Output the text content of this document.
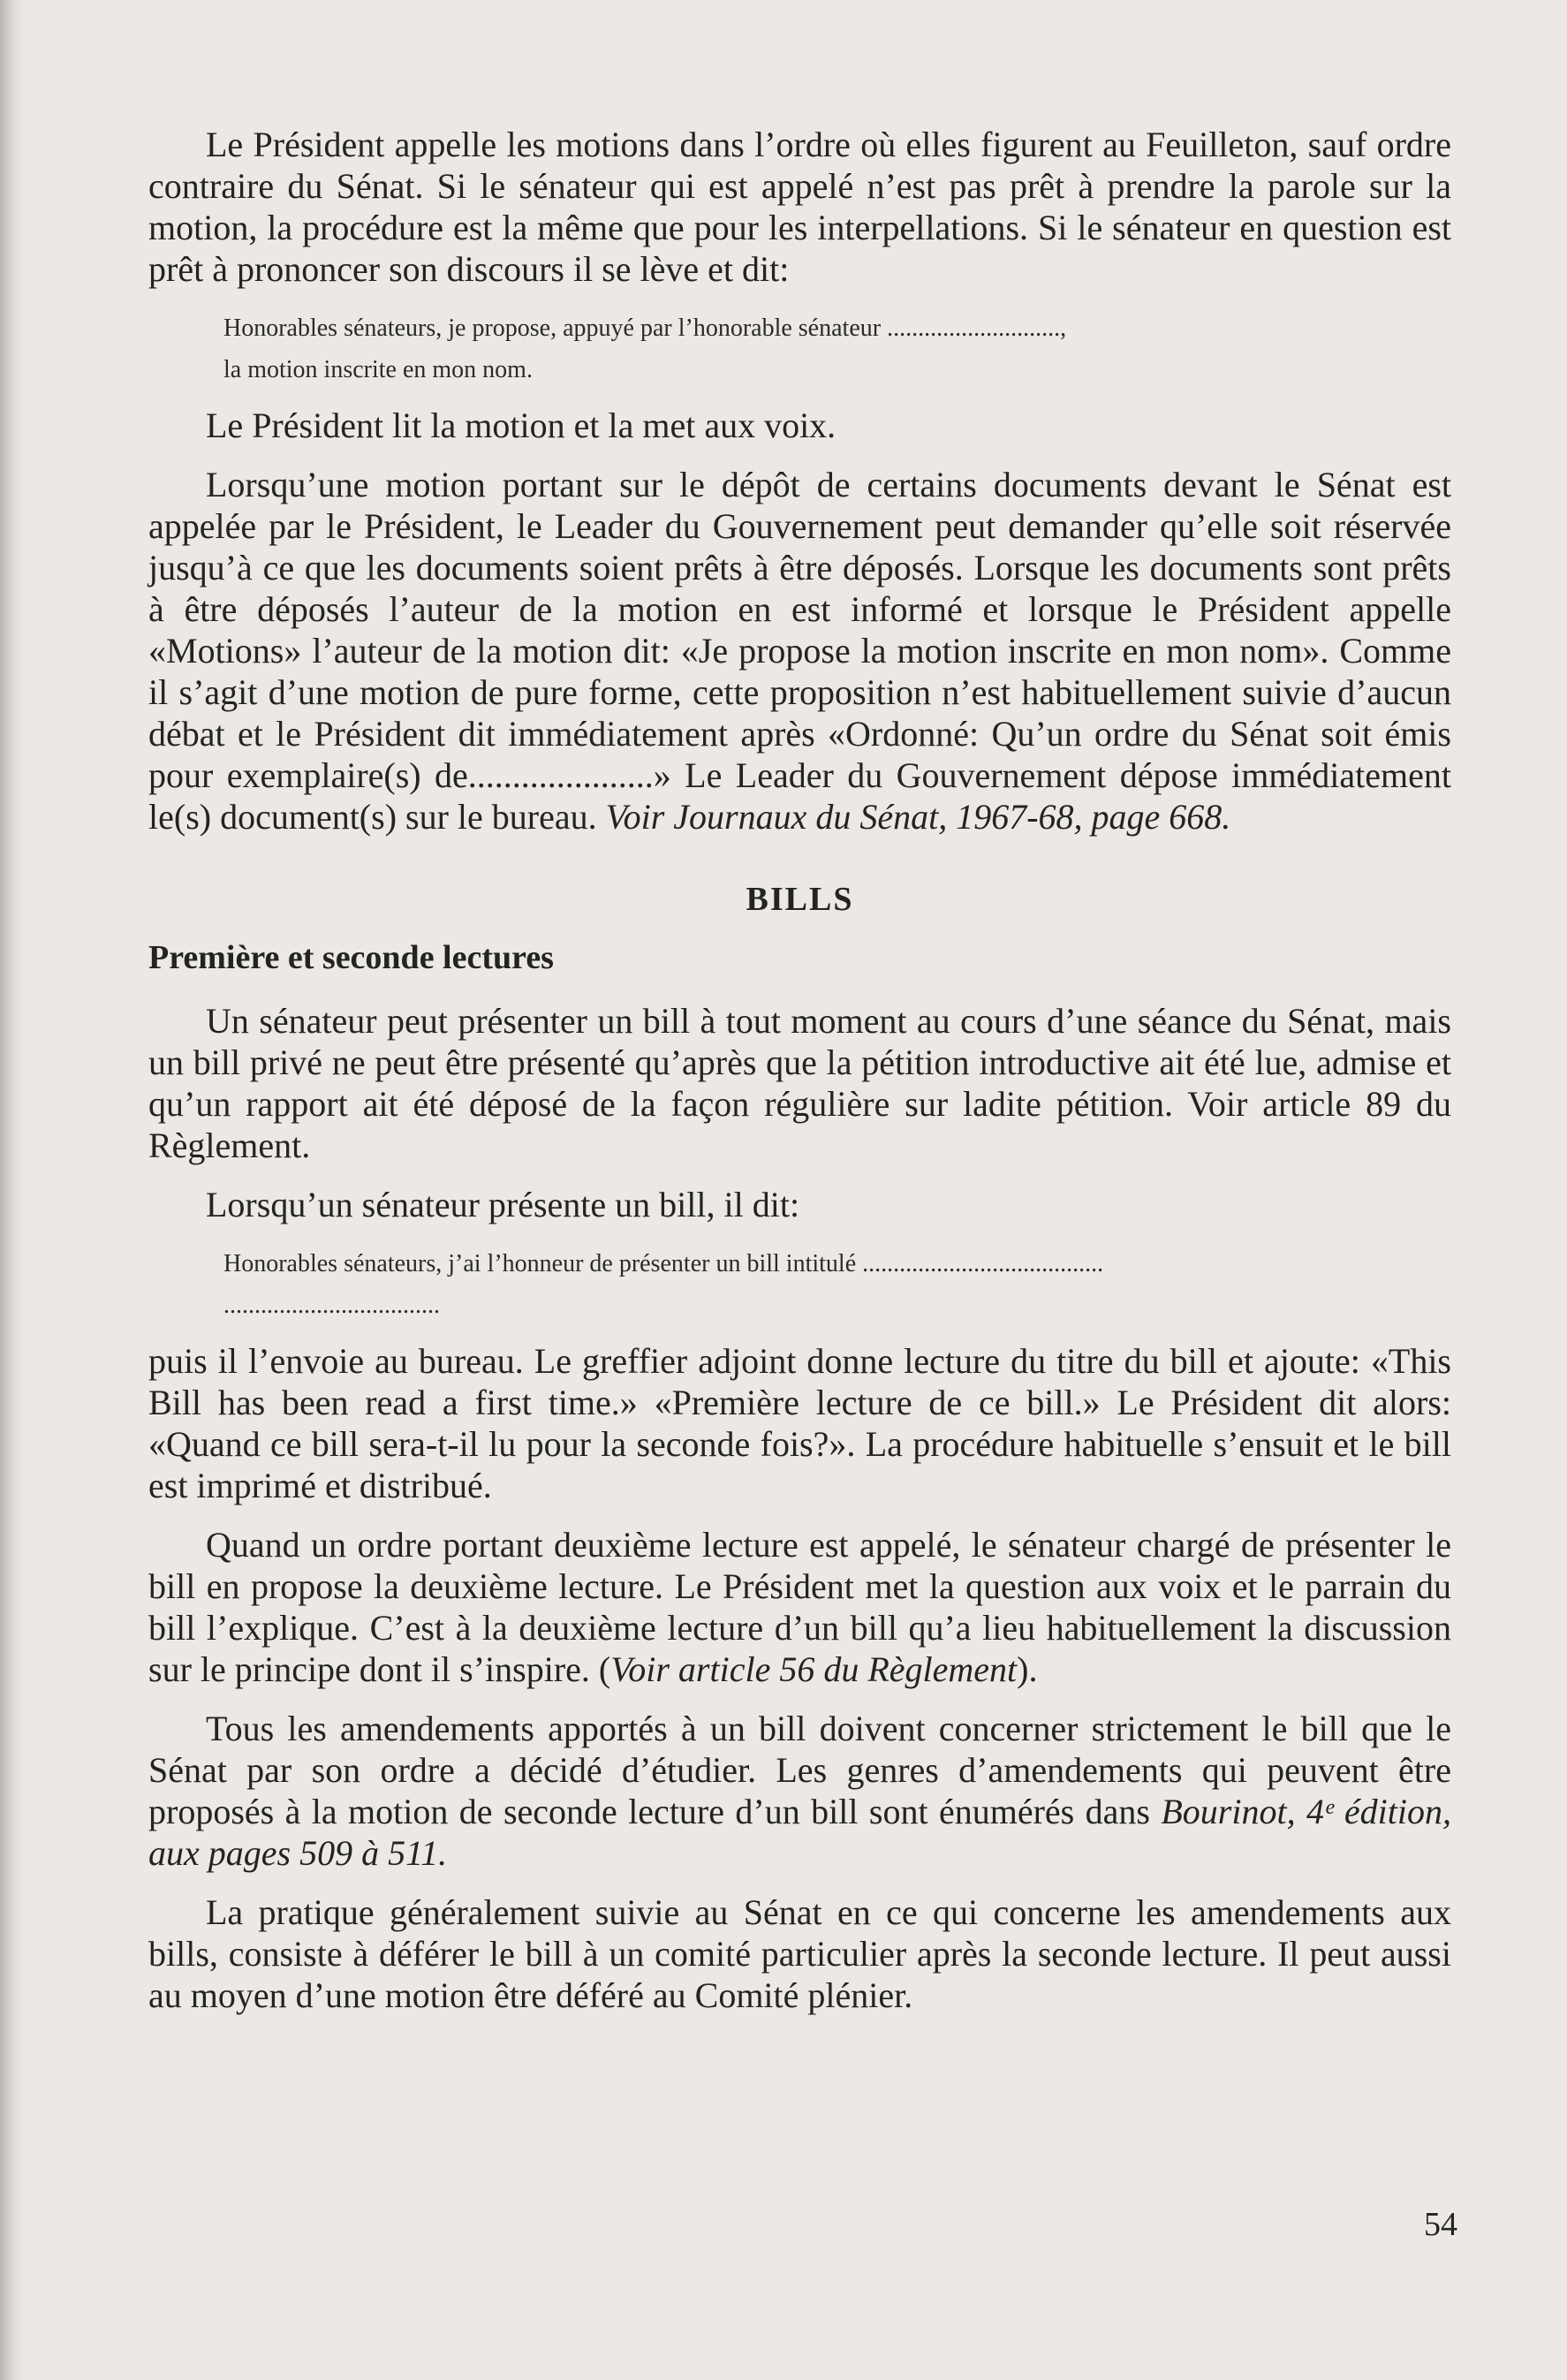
Le Président appelle les motions dans l’ordre où elles figurent au Feuilleton, sauf ordre contraire du Sénat. Si le sénateur qui est appelé n’est pas prêt à prendre la parole sur la motion, la procédure est la même que pour les interpellations. Si le sénateur en question est prêt à prononcer son discours il se lève et dit:

Honorables sénateurs, je propose, appuyé par l’honorable sénateur ............................,
la motion inscrite en mon nom.

Le Président lit la motion et la met aux voix.

Lorsqu’une motion portant sur le dépôt de certains documents devant le Sénat est appelée par le Président, le Leader du Gouvernement peut demander qu’elle soit réservée jusqu’à ce que les documents soient prêts à être déposés. Lorsque les documents sont prêts à être déposés l’auteur de la motion en est informé et lorsque le Président appelle «Motions» l’auteur de la motion dit: «Je propose la motion inscrite en mon nom». Comme il s’agit d’une motion de pure forme, cette proposition n’est habituellement suivie d’aucun débat et le Président dit immédiatement après «Ordonné: Qu’un ordre du Sénat soit émis pour exemplaire(s) de.....................» Le Leader du Gouvernement dépose immédiatement le(s) document(s) sur le bureau. Voir Journaux du Sénat, 1967-68, page 668.

BILLS
Première et seconde lectures

Un sénateur peut présenter un bill à tout moment au cours d’une séance du Sénat, mais un bill privé ne peut être présenté qu’après que la pétition introductive ait été lue, admise et qu’un rapport ait été déposé de la façon régulière sur ladite pétition. Voir article 89 du Règlement.

Lorsqu’un sénateur présente un bill, il dit:

Honorables sénateurs, j’ai l’honneur de présenter un bill intitulé .......................................
...................................

puis il l’envoie au bureau. Le greffier adjoint donne lecture du titre du bill et ajoute: «This Bill has been read a first time.» «Première lecture de ce bill.» Le Président dit alors: «Quand ce bill sera-t-il lu pour la seconde fois?». La procédure habituelle s’ensuit et le bill est imprimé et distribué.

Quand un ordre portant deuxième lecture est appelé, le sénateur chargé de présenter le bill en propose la deuxième lecture. Le Président met la question aux voix et le parrain du bill l’explique. C’est à la deuxième lecture d’un bill qu’a lieu habituellement la discussion sur le principe dont il s’inspire. (Voir article 56 du Règlement).

Tous les amendements apportés à un bill doivent concerner strictement le bill que le Sénat par son ordre a décidé d’étudier. Les genres d’amendements qui peuvent être proposés à la motion de seconde lecture d’un bill sont énumérés dans Bourinot, 4ᵉ édition, aux pages 509 à 511.

La pratique généralement suivie au Sénat en ce qui concerne les amendements aux bills, consiste à déférer le bill à un comité particulier après la seconde lecture. Il peut aussi au moyen d’une motion être déféré au Comité plénier.

54
